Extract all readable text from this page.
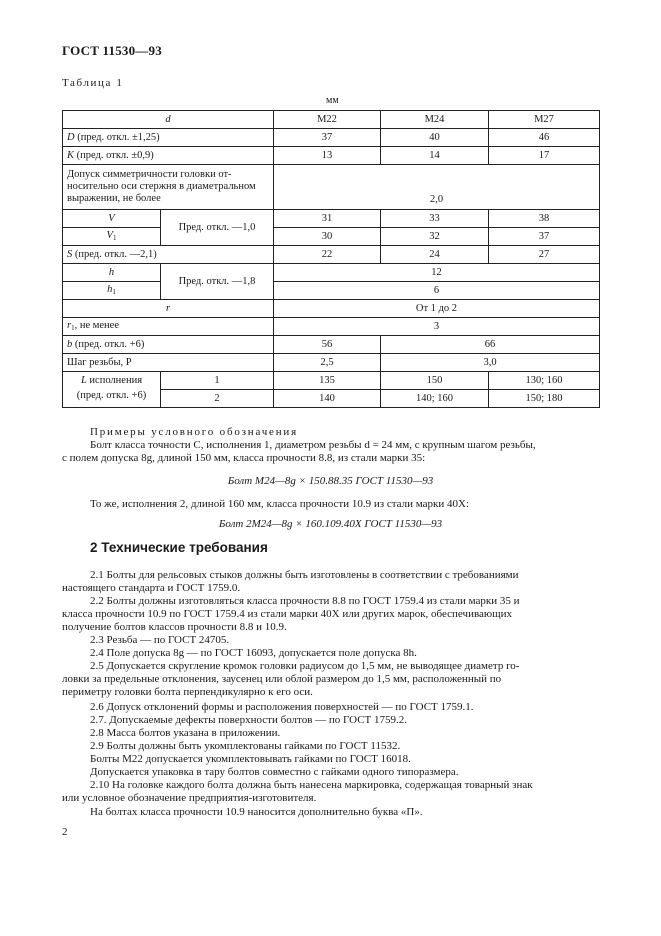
ГОСТ 11530—93
Таблица 1
мм
d		M22	M24	M27
D (пред. откл. ±1,25)		37	40	46
K (пред. откл. ±0,9)		13	14	17

Допуск симметричности головки от-
носительно оси стержня в диаметральном
выражении, не более		2,0		
V	Пред. откл. —1,0	31	33	38
$V_1$		30	32	37
S (пред. откл. —2,1)		22	24	27
h	Пред. откл. —1,8	12		
$h_1$		6		
r		От 1 до 2		
$r_1$, не менее		3		
b (пред. откл. +6)		56	66	
Шаг резьбы, P		2,5	3,0	
L исполнения	1	135	150	130; 160
(пред. откл. +6)	2	140	140; 160	150; 180
Примеры условного обозначения
Болт класса точности С, исполнения 1, диаметром резьбы d = 24 мм, с крупным шагом резьбы,
с полем допуска 8g, длиной 150 мм, класса прочности 8.8, из стали марки 35:
Болт М24—8g × 150.88.35 ГОСТ 11530—93
То же, исполнения 2, длиной 160 мм, класса прочности 10.9 из стали марки 40Х:
Болт 2М24—8g × 160.109.40Х ГОСТ 11530—93
2 Технические требования
2.1 Болты для рельсовых стыков должны быть изготовлены в соответствии с требованиями
настоящего стандарта и ГОСТ 1759.0.
2.2 Болты должны изготовляться класса прочности 8.8 по ГОСТ 1759.4 из стали марки 35 и
класса прочности 10.9 по ГОСТ 1759.4 из стали марки 40Х или других марок, обеспечивающих
получение болтов классов прочности 8.8 и 10.9.
2.3 Резьба — по ГОСТ 24705.
2.4 Поле допуска 8g — по ГОСТ 16093, допускается поле допуска 8h.
2.5 Допускается скругление кромок головки радиусом до 1,5 мм, не выводящее диаметр го-
ловки за предельные отклонения, заусенец или облой размером до 1,5 мм, расположенный по
периметру головки болта перпендикулярно к его оси.
2.6 Допуск отклонений формы и расположения поверхностей — по ГОСТ 1759.1.
2.7. Допускаемые дефекты поверхности болтов — по ГОСТ 1759.2.
2.8 Масса болтов указана в приложении.
2.9 Болты должны быть укомплектованы гайками по ГОСТ 11532.
Болты М22 допускается укомплектовывать гайками по ГОСТ 16018.
Допускается упаковка в тару болтов совместно с гайками одного типоразмера.
2.10 На головке каждого болта должна быть нанесена маркировка, содержащая товарный знак
или условное обозначение предприятия-изготовителя.
На болтах класса прочности 10.9 наносится дополнительно буква «П».
2
